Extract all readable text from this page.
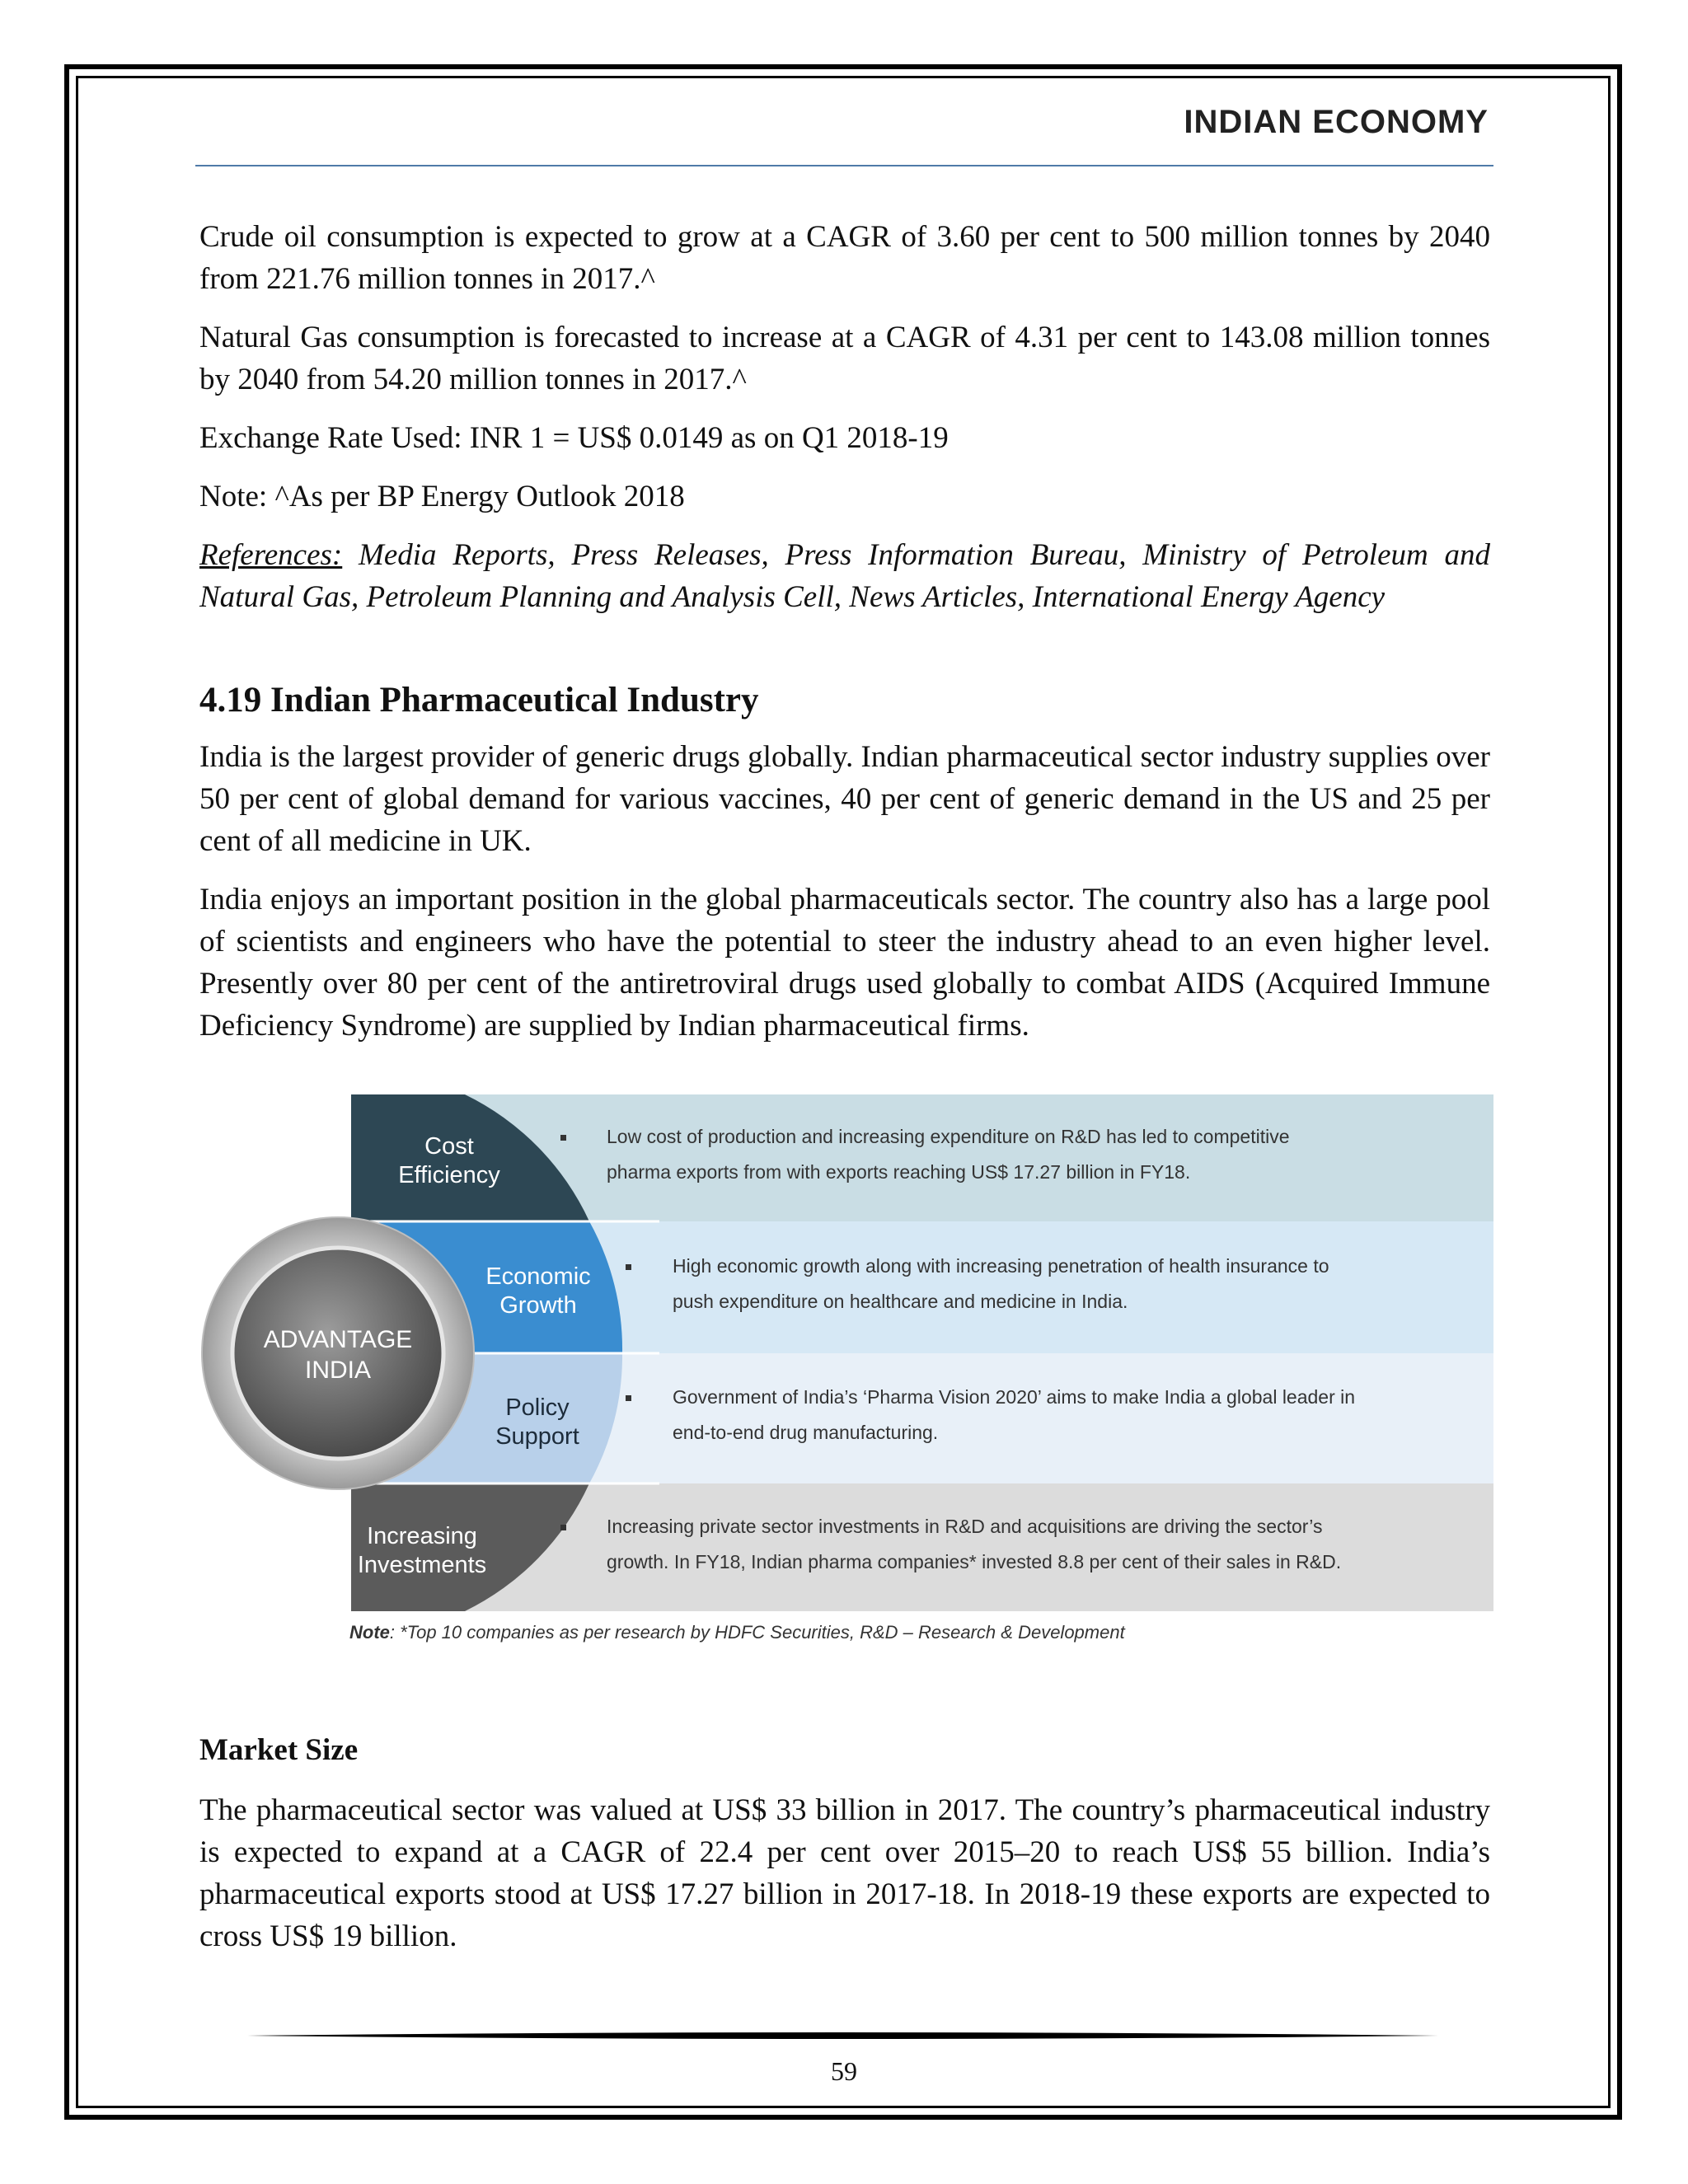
INDIAN ECONOMY

Crude oil consumption is expected to grow at a CAGR of 3.60 per cent to 500 million tonnes by 2040 from 221.76 million tonnes in 2017.^

Natural Gas consumption is forecasted to increase at a CAGR of 4.31 per cent to 143.08 million tonnes by 2040 from 54.20 million tonnes in 2017.^

Exchange Rate Used: INR 1 = US$ 0.0149 as on Q1 2018-19

Note: ^As per BP Energy Outlook 2018

References: Media Reports, Press Releases, Press Information Bureau, Ministry of Petroleum and Natural Gas, Petroleum Planning and Analysis Cell, News Articles, International Energy Agency

4.19 Indian Pharmaceutical Industry

India is the largest provider of generic drugs globally. Indian pharmaceutical sector industry supplies over 50 per cent of global demand for various vaccines, 40 per cent of generic demand in the US and 25 per cent of all medicine in UK.

India enjoys an important position in the global pharmaceuticals sector. The country also has a large pool of scientists and engineers who have the potential to steer the industry ahead to an even higher level. Presently over 80 per cent of the antiretroviral drugs used globally to combat AIDS (Acquired Immune Deficiency Syndrome) are supplied by Indian pharmaceutical firms.

ADVANTAGE
INDIA
Cost
Efficiency
Economic
Growth
Policy
Support
Increasing
Investments
Low cost of production and increasing expenditure on R&D has led to competitive
pharma exports from with exports reaching US$ 17.27 billion in FY18.
High economic growth along with increasing penetration of health insurance to
push expenditure on healthcare and medicine in India.
Government of India’s ‘Pharma Vision 2020’ aims to make India a global leader in
end-to-end drug manufacturing.
Increasing private sector investments in R&D and acquisitions are driving the sector’s
growth. In FY18, Indian pharma companies* invested 8.8 per cent of their sales in R&D.
Note: *Top 10 companies as per research by HDFC Securities, R&D – Research & Development
Market Size

The pharmaceutical sector was valued at US$ 33 billion in 2017. The country’s pharmaceutical industry is expected to expand at a CAGR of 22.4 per cent over 2015–20 to reach US$ 55 billion. India’s pharmaceutical exports stood at US$ 17.27 billion in 2017-18. In 2018-19 these exports are expected to cross US$ 19 billion.

59
